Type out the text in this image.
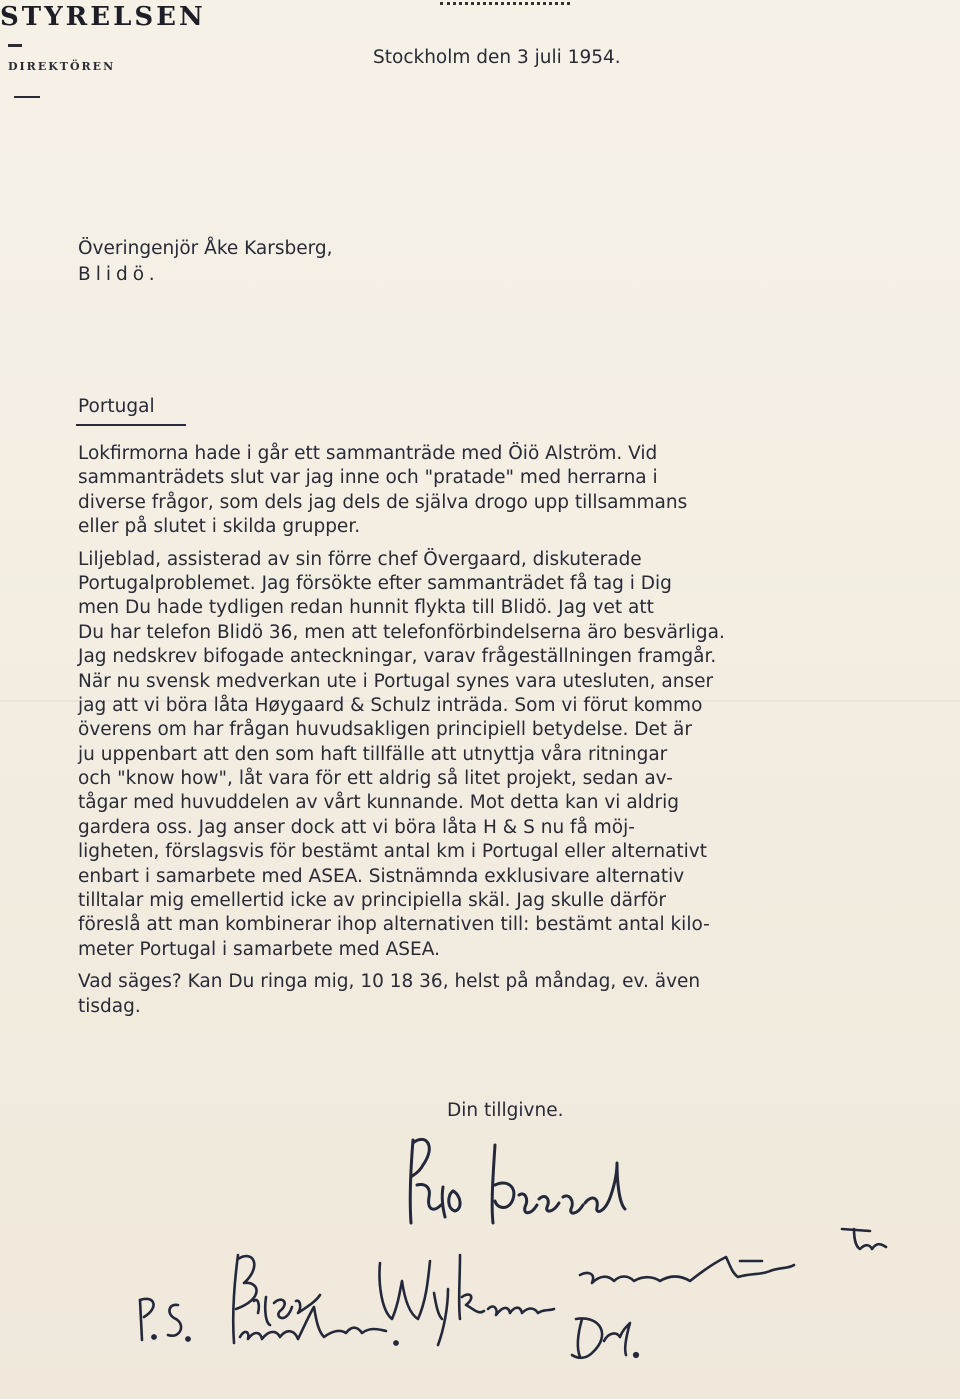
STYRELSEN
DIREKTÖREN	Stockholm den 3 juli 1954.
Överingenjör Åke Karsberg,
Blidö.
Portugal
Lokfirmorna hade i går ett sammanträde med Öiö Alström. Vid
sammanträdets slut var jag inne och "pratade" med herrarna i
diverse frågor, som dels jag dels de själva drogo upp tillsammans
eller på slutet i skilda grupper.
Liljeblad, assisterad av sin förre chef Övergaard, diskuterade
Portugalproblemet. Jag försökte efter sammanträdet få tag i Dig
men Du hade tydligen redan hunnit flykta till Blidö. Jag vet att
Du har telefon Blidö 36, men att telefonförbindelserna äro besvärliga.
Jag nedskrev bifogade anteckningar, varav frågeställningen framgår.
När nu svensk medverkan ute i Portugal synes vara utesluten, anser
jag att vi böra låta Høygaard & Schulz inträda. Som vi förut kommo
överens om har frågan huvudsakligen principiell betydelse. Det är
ju uppenbart att den som haft tillfälle att utnyttja våra ritningar
och "know how", låt vara för ett aldrig så litet projekt, sedan av-
tågar med huvuddelen av vårt kunnande. Mot detta kan vi aldrig
gardera oss. Jag anser dock att vi böra låta H & S nu få möj-
ligheten, förslagsvis för bestämt antal km i Portugal eller alternativt
enbart i samarbete med ASEA. Sistnämnda exklusivare alternativ
tilltalar mig emellertid icke av principiella skäl. Jag skulle därför
föreslå att man kombinerar ihop alternativen till: bestämt antal kilo-
meter Portugal i samarbete med ASEA.
Vad säges? Kan Du ringa mig, 10 18 36, helst på måndag, ev. även
tisdag.
Din tillgivne.
